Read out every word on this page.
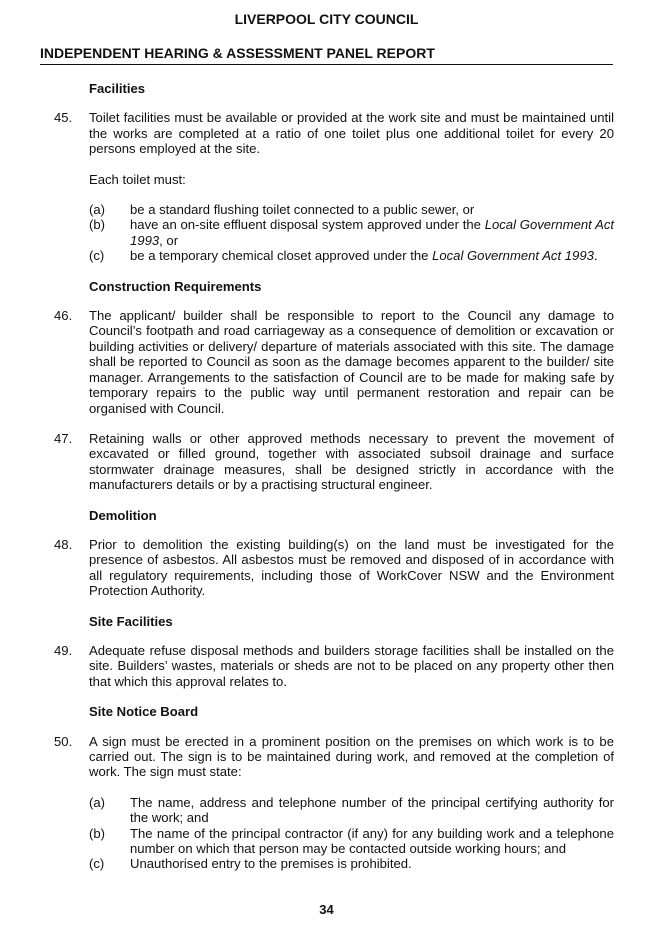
LIVERPOOL CITY COUNCIL
INDEPENDENT HEARING & ASSESSMENT PANEL REPORT
Facilities
45.	Toilet facilities must be available or provided at the work site and must be maintained until the works are completed at a ratio of one toilet plus one additional toilet for every 20 persons employed at the site.
Each toilet must:
(a)	be a standard flushing toilet connected to a public sewer, or
(b)	have an on-site effluent disposal system approved under the Local Government Act 1993, or
(c)	be a temporary chemical closet approved under the Local Government Act 1993.
Construction Requirements
46.	The applicant/ builder shall be responsible to report to the Council any damage to Council’s footpath and road carriageway as a consequence of demolition or excavation or building activities or delivery/ departure of materials associated with this site. The damage shall be reported to Council as soon as the damage becomes apparent to the builder/ site manager. Arrangements to the satisfaction of Council are to be made for making safe by temporary repairs to the public way until permanent restoration and repair can be organised with Council.
47.	Retaining walls or other approved methods necessary to prevent the movement of excavated or filled ground, together with associated subsoil drainage and surface stormwater drainage measures, shall be designed strictly in accordance with the manufacturers details or by a practising structural engineer.
Demolition
48.	Prior to demolition the existing building(s) on the land must be investigated for the presence of asbestos. All asbestos must be removed and disposed of in accordance with all regulatory requirements, including those of WorkCover NSW and the Environment Protection Authority.
Site Facilities
49.	Adequate refuse disposal methods and builders storage facilities shall be installed on the site. Builders’ wastes, materials or sheds are not to be placed on any property other then that which this approval relates to.
Site Notice Board
50.	A sign must be erected in a prominent position on the premises on which work is to be carried out. The sign is to be maintained during work, and removed at the completion of work. The sign must state:
(a)	The name, address and telephone number of the principal certifying authority for the work; and
(b)	The name of the principal contractor (if any) for any building work and a telephone number on which that person may be contacted outside working hours; and
(c)	Unauthorised entry to the premises is prohibited.
34
